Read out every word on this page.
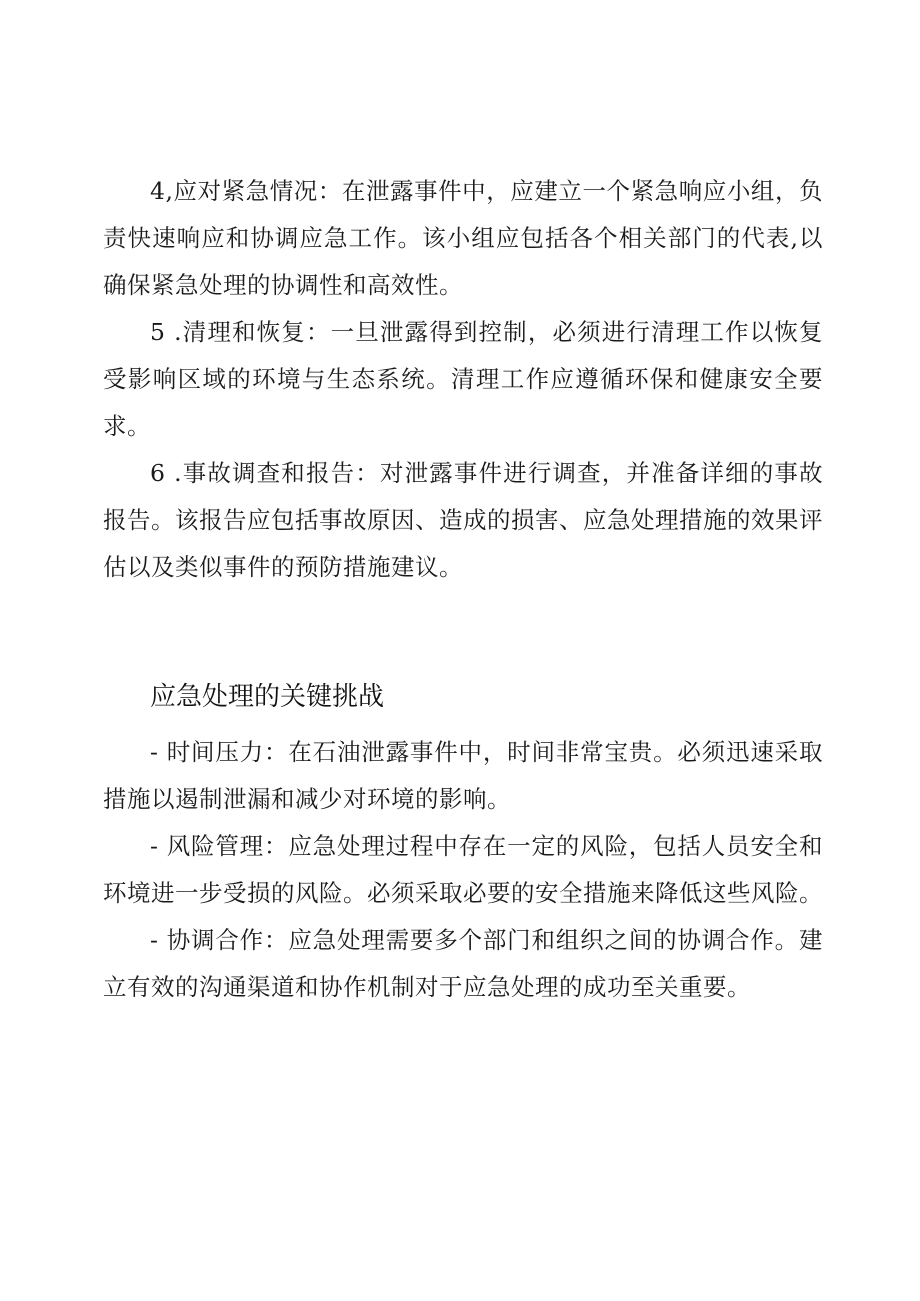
4,应对紧急情况：在泄露事件中，应建立一个紧急响应小组，负责快速响应和协调应急工作。该小组应包括各个相关部门的代表,以确保紧急处理的协调性和高效性。

5 .清理和恢复：一旦泄露得到控制，必须进行清理工作以恢复受影响区域的环境与生态系统。清理工作应遵循环保和健康安全要求。

6 .事故调查和报告：对泄露事件进行调查，并准备详细的事故报告。该报告应包括事故原因、造成的损害、应急处理措施的效果评估以及类似事件的预防措施建议。

应急处理的关键挑战

- 时间压力：在石油泄露事件中，时间非常宝贵。必须迅速采取措施以遏制泄漏和减少对环境的影响。

- 风险管理：应急处理过程中存在一定的风险，包括人员安全和环境进一步受损的风险。必须采取必要的安全措施来降低这些风险。

- 协调合作：应急处理需要多个部门和组织之间的协调合作。建立有效的沟通渠道和协作机制对于应急处理的成功至关重要。
